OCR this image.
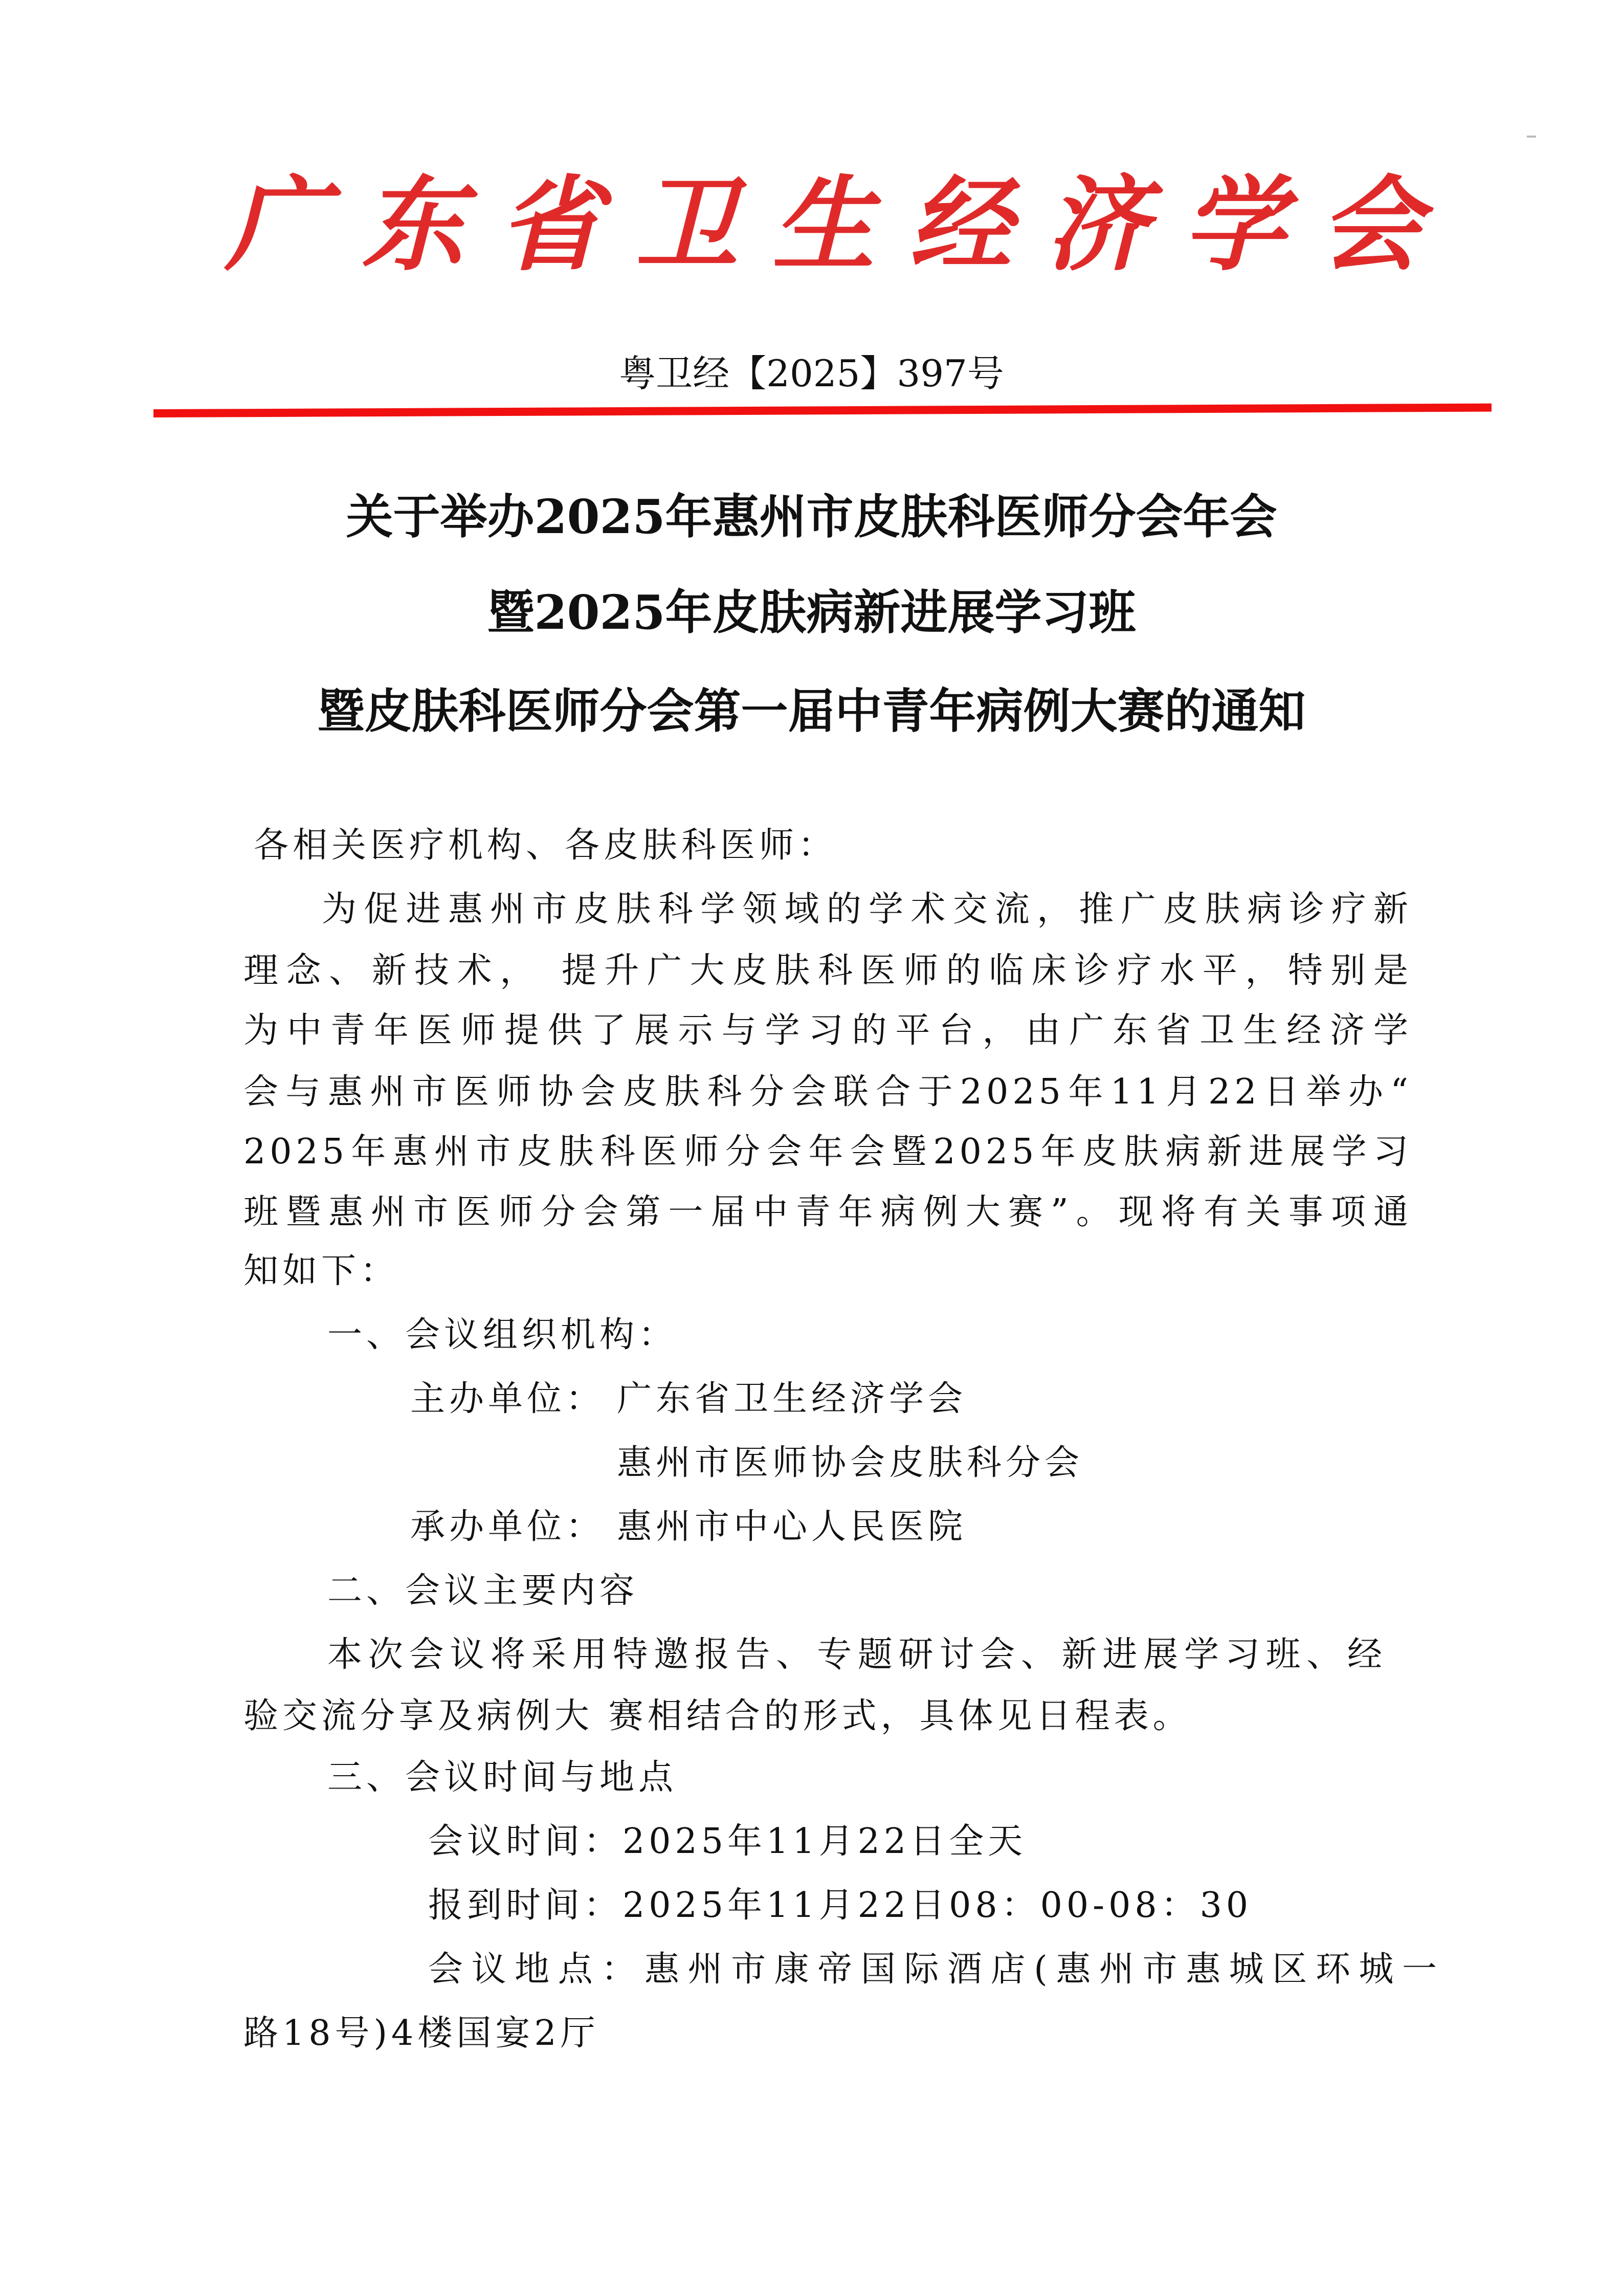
广东省卫生经济学会
粤卫经【2025】397号
关于举办2025年惠州市皮肤科医师分会年会
暨2025年皮肤病新进展学习班
暨皮肤科医师分会第一届中青年病例大赛的通知
各相关医疗机构、各皮肤科医师：
为促进惠州市皮肤科学领域的学术交流，推广皮肤病诊疗新
理念、新技术， 提升广大皮肤科医师的临床诊疗水平，特别是
为中青年医师提供了展示与学习的平台，由广东省卫生经济学
会与惠州市医师协会皮肤科分会联合于2025年11月22日举办“
2025年惠州市皮肤科医师分会年会暨2025年皮肤病新进展学习
班暨惠州市医师分会第一届中青年病例大赛”。现将有关事项通
知如下：
一、会议组织机构：
主办单位： 广东省卫生经济学会
惠州市医师协会皮肤科分会
承办单位： 惠州市中心人民医院
二、会议主要内容
本次会议将采用特邀报告、专题研讨会、新进展学习班、经
验交流分享及病例大 赛相结合的形式，具体见日程表。
三、会议时间与地点
会议时间：2025年11月22日全天
报到时间：2025年11月22日08：00-08：30
会议地点：惠州市康帝国际酒店(惠州市惠城区环城一
路18号)4楼国宴2厅
